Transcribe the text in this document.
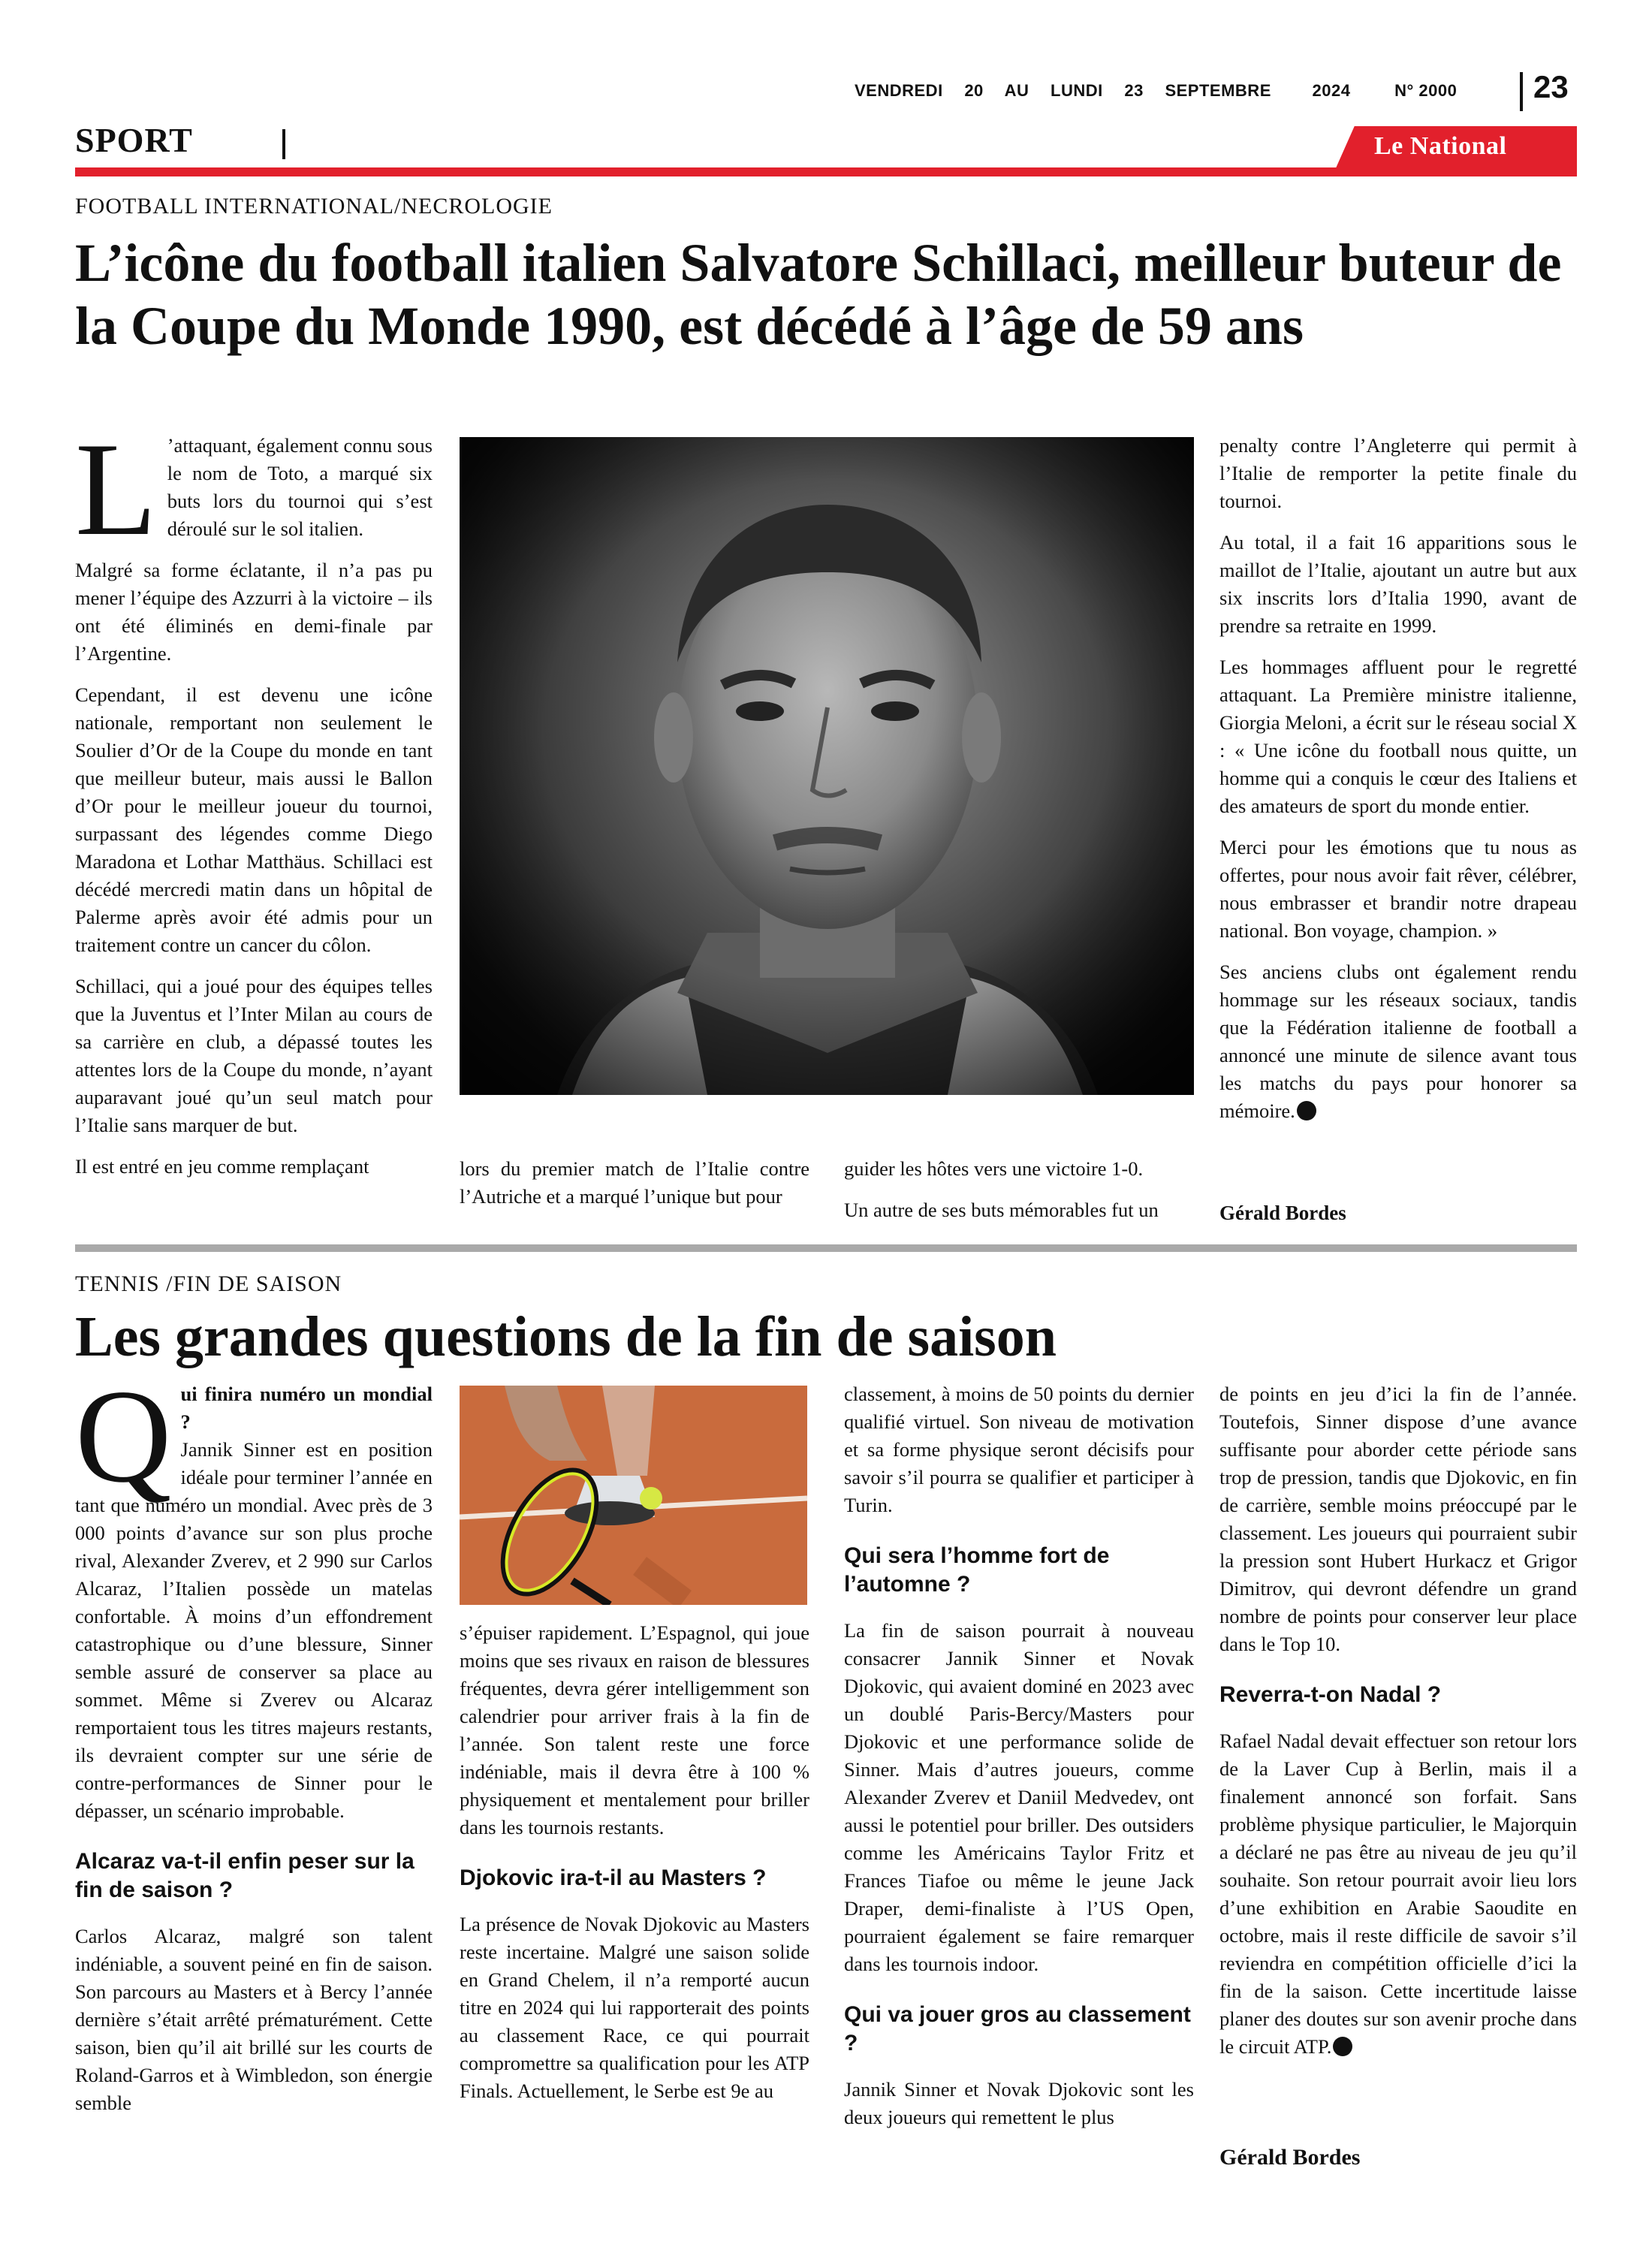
VENDREDI 20 AU LUNDI 23 SEPTEMBRE 2024	N° 2000	23
SPORT	Le National
FOOTBALL INTERNATIONAL/NECROLOGIE
L’icône du football italien Salvatore Schillaci, meilleur buteur de la Coupe du Monde 1990, est décédé à l’âge de 59 ans

L ’attaquant, également connu sous le nom de Toto, a marqué six buts lors du tournoi qui s’est déroulé sur le sol italien.

Malgré sa forme éclatante, il n’a pas pu mener l’équipe des Azzurri à la victoire – ils ont été éliminés en demi-finale par l’Argentine.

Cependant, il est devenu une icône nationale, remportant non seulement le Soulier d’Or de la Coupe du monde en tant que meilleur buteur, mais aussi le Ballon d’Or pour le meilleur joueur du tournoi, surpassant des légendes comme Diego Maradona et Lothar Matthäus. Schillaci est décédé mercredi matin dans un hôpital de Palerme après avoir été admis pour un traitement contre un cancer du côlon.

Schillaci, qui a joué pour des équipes telles que la Juventus et l’Inter Milan au cours de sa carrière en club, a dépassé toutes les attentes lors de la Coupe du monde, n’ayant auparavant joué qu’un seul match pour l’Italie sans marquer de but.

Il est entré en jeu comme remplaçant	lors du premier match de l’Italie contre l’Autriche et a marqué l’unique but pour

guider les hôtes vers une victoire 1-0.

Un autre de ses buts mémorables fut un

penalty contre l’Angleterre qui permit à l’Italie de remporter la petite finale du tournoi.

Au total, il a fait 16 apparitions sous le maillot de l’Italie, ajoutant un autre but aux six inscrits lors d’Italia 1990, avant de prendre sa retraite en 1999.

Les hommages affluent pour le regretté attaquant. La Première ministre italienne, Giorgia Meloni, a écrit sur le réseau social X : « Une icône du football nous quitte, un homme qui a conquis le cœur des Italiens et des amateurs de sport du monde entier.

Merci pour les émotions que tu nous as offertes, pour nous avoir fait rêver, célébrer, nous embrasser et brandir notre drapeau national. Bon voyage, champion. »

Ses anciens clubs ont également rendu hommage sur les réseaux sociaux, tandis que la Fédération italienne de football a annoncé une minute de silence avant tous les matchs du pays pour honorer sa mémoire.

Gérald Bordes
TENNIS /FIN DE SAISON
Les grandes questions de la fin de saison

Qui finira numéro un mondial ?
Jannik Sinner est en position idéale pour terminer l’année en tant que numéro un mondial. Avec près de 3 000 points d’avance sur son plus proche rival, Alexander Zverev, et 2 990 sur Carlos Alcaraz, l’Italien possède un matelas confortable. À moins d’un effondrement catastrophique ou d’une blessure, Sinner semble assuré de conserver sa place au sommet. Même si Zverev ou Alcaraz remportaient tous les titres majeurs restants, ils devraient compter sur une série de contre-performances de Sinner pour le dépasser, un scénario improbable.

Alcaraz va-t-il enfin peser sur la fin de saison ?

Carlos Alcaraz, malgré son talent indéniable, a souvent peiné en fin de saison. Son parcours au Masters et à Bercy l’année dernière s’était arrêté prématurément. Cette saison, bien qu’il ait brillé sur les courts de Roland-Garros et à Wimbledon, son énergie semble

s’épuiser rapidement. L’Espagnol, qui joue moins que ses rivaux en raison de blessures fréquentes, devra gérer intelligemment son calendrier pour arriver frais à la fin de l’année. Son talent reste une force indéniable, mais il devra être à 100 % physiquement et mentalement pour briller dans les tournois restants.

Djokovic ira-t-il au Masters ?

La présence de Novak Djokovic au Masters reste incertaine. Malgré une saison solide en Grand Chelem, il n’a remporté aucun titre en 2024 qui lui rapporterait des points au classement Race, ce qui pourrait compromettre sa qualification pour les ATP Finals. Actuellement, le Serbe est 9e au

classement, à moins de 50 points du dernier qualifié virtuel. Son niveau de motivation et sa forme physique seront décisifs pour savoir s’il pourra se qualifier et participer à Turin.

Qui sera l’homme fort de l’automne ?

La fin de saison pourrait à nouveau consacrer Jannik Sinner et Novak Djokovic, qui avaient dominé en 2023 avec un doublé Paris-Bercy/Masters pour Djokovic et une performance solide de Sinner. Mais d’autres joueurs, comme Alexander Zverev et Daniil Medvedev, ont aussi le potentiel pour briller. Des outsiders comme les Américains Taylor Fritz et Frances Tiafoe ou même le jeune Jack Draper, demi-finaliste à l’US Open, pourraient également se faire remarquer dans les tournois indoor.

Qui va jouer gros au classement ?

Jannik Sinner et Novak Djokovic sont les deux joueurs qui remettent le plus

de points en jeu d’ici la fin de l’année. Toutefois, Sinner dispose d’une avance suffisante pour aborder cette période sans trop de pression, tandis que Djokovic, en fin de carrière, semble moins préoccupé par le classement. Les joueurs qui pourraient subir la pression sont Hubert Hurkacz et Grigor Dimitrov, qui devront défendre un grand nombre de points pour conserver leur place dans le Top 10.

Reverra-t-on Nadal ?

Rafael Nadal devait effectuer son retour lors de la Laver Cup à Berlin, mais il a finalement annoncé son forfait. Sans problème physique particulier, le Majorquin a déclaré ne pas être au niveau de jeu qu’il souhaite. Son retour pourrait avoir lieu lors d’une exhibition en Arabie Saoudite en octobre, mais il reste difficile de savoir s’il reviendra en compétition officielle d’ici la fin de la saison. Cette incertitude laisse planer des doutes sur son avenir proche dans le circuit ATP.

Gérald Bordes
